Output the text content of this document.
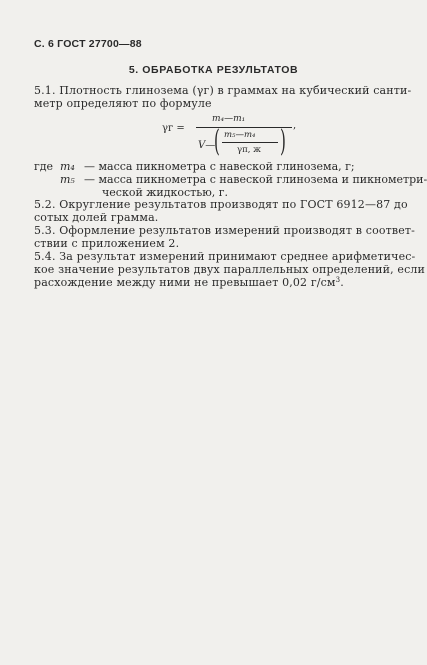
С. 6 ГОСТ 27700—88
5. ОБРАБОТКА РЕЗУЛЬТАТОВ
5.1. Плотность глинозема (γг) в граммах на кубический санти-
метр определяют по формуле
γг =
m₄—m₁
,
V—
( m₅—m₄
γп, ж )
где m₄ — масса пикнометра с навеской глинозема, г;
m₅ — масса пикнометра с навеской глинозема и пикнометри-
ческой жидкостью, г.
5.2. Округление результатов производят по ГОСТ 6912—87 до
сотых долей грамма.
5.3. Оформление результатов измерений производят в соответ-
ствии с приложением 2.
5.4. За результат измерений принимают среднее арифметичес-
кое значение результатов двух параллельных определений, если
расхождение между ними не превышает 0,02 $г/см^3$.
